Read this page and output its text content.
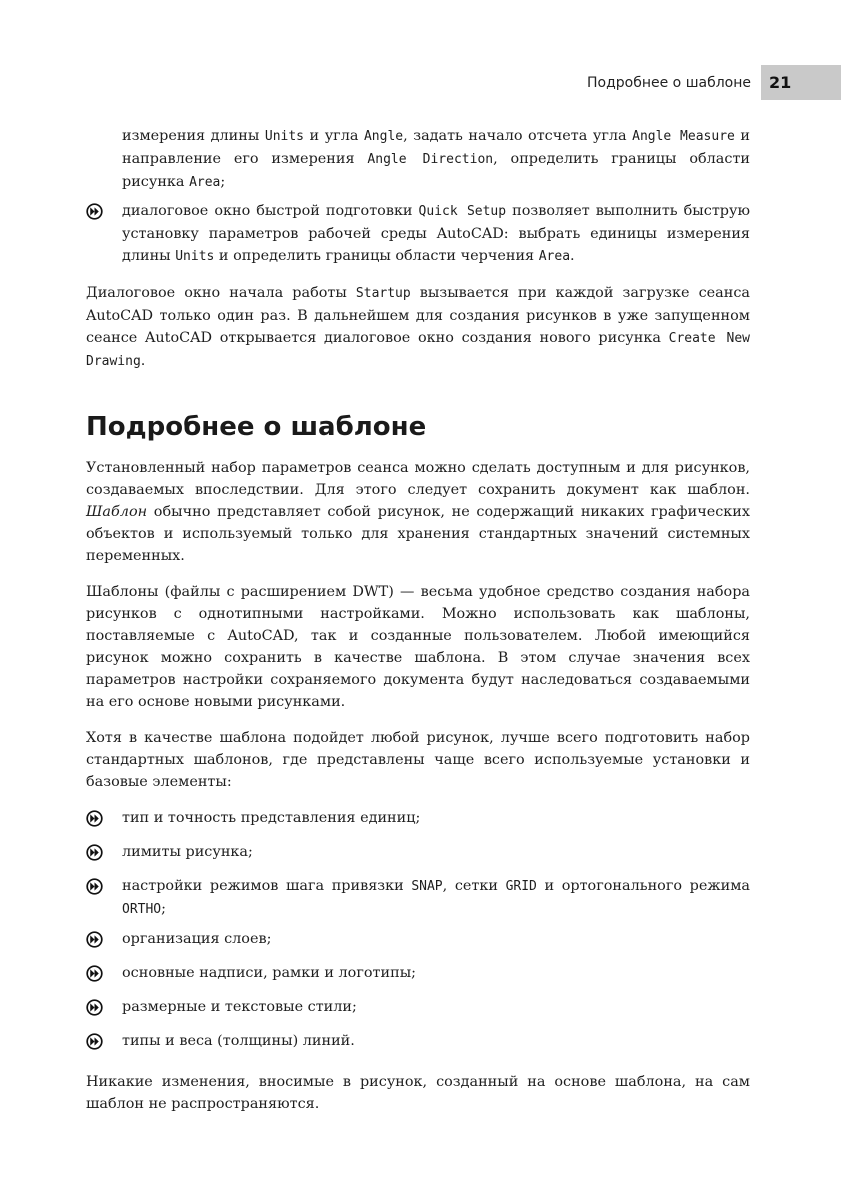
Подробнее о шаблоне	21

измерения длины Units и угла Angle, задать начало отсчета угла Angle Measure и направление его измерения Angle Direction, определить границы области рисунка Area;

диалоговое окно быстрой подготовки Quick Setup позволяет выполнить быструю установку параметров рабочей среды AutoCAD: выбрать единицы измерения длины Units и определить границы области черчения Area.

Диалоговое окно начала работы Startup вызывается при каждой загрузке сеанса AutoCAD только один раз. В дальнейшем для создания рисунков в уже запущенном сеансе AutoCAD открывается диалоговое окно создания нового рисунка Create New Drawing.

Подробнее о шаблоне

Установленный набор параметров сеанса можно сделать доступным и для рисунков, создаваемых впоследствии. Для этого следует сохранить документ как шаблон. Шаблон обычно представляет собой рисунок, не содержащий никаких графических объектов и используемый только для хранения стандартных значений системных переменных.

Шаблоны (файлы с расширением DWT) — весьма удобное средство создания набора рисунков с однотипными настройками. Можно использовать как шаблоны, поставляемые с AutoCAD, так и созданные пользователем. Любой имеющийся рисунок можно сохранить в качестве шаблона. В этом случае значения всех параметров настройки сохраняемого документа будут наследоваться создаваемыми на его основе новыми рисунками.

Хотя в качестве шаблона подойдет любой рисунок, лучше всего подготовить набор стандартных шаблонов, где представлены чаще всего используемые установки и базовые элементы:

тип и точность представления единиц;
лимиты рисунка;
настройки режимов шага привязки SNAP, сетки GRID и ортогонального режима ORTHO;
организация слоев;
основные надписи, рамки и логотипы;
размерные и текстовые стили;
типы и веса (толщины) линий.

Никакие изменения, вносимые в рисунок, созданный на основе шаблона, на сам шаблон не распространяются.
